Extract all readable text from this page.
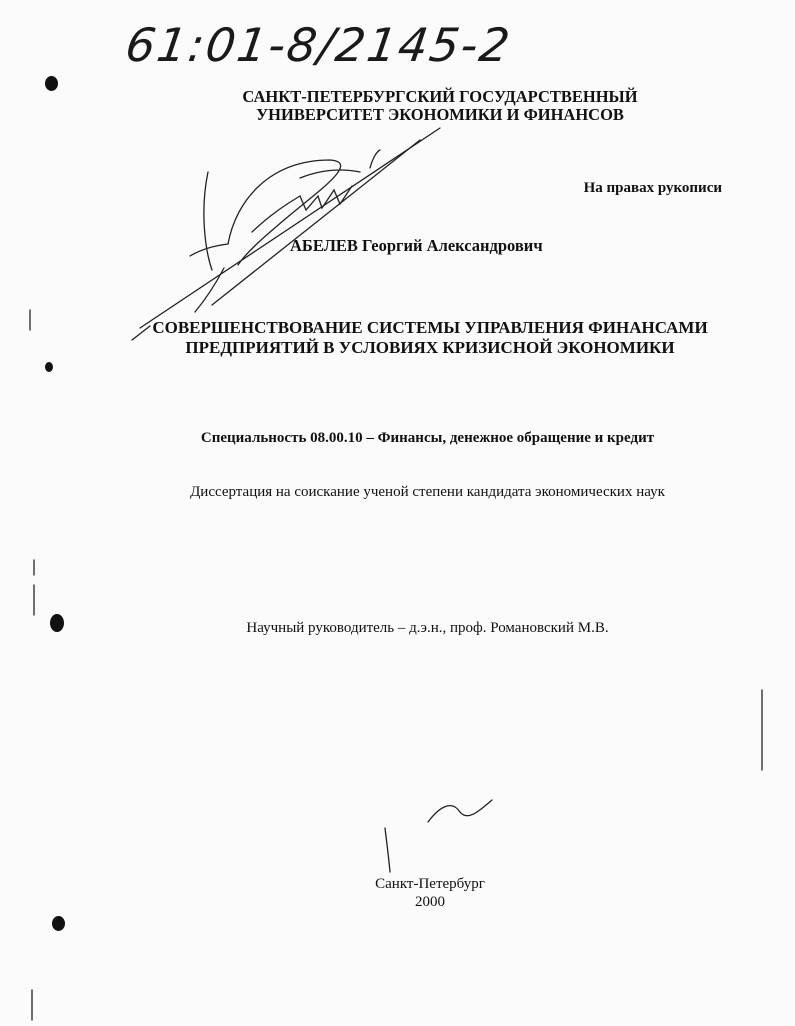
61:01-8/2145-2
САНКТ-ПЕТЕРБУРГСКИЙ ГОСУДАРСТВЕННЫЙ
УНИВЕРСИТЕТ ЭКОНОМИКИ И ФИНАНСОВ
На правах рукописи
АБЕЛЕВ Георгий Александрович
СОВЕРШЕНСТВОВАНИЕ СИСТЕМЫ УПРАВЛЕНИЯ ФИНАНСАМИ
ПРЕДПРИЯТИЙ В УСЛОВИЯХ КРИЗИСНОЙ ЭКОНОМИКИ
Специальность 08.00.10 – Финансы, денежное обращение и кредит
Диссертация на соискание ученой степени кандидата экономических наук
Научный руководитель – д.э.н., проф. Романовский М.В.
Санкт-Петербург
2000
